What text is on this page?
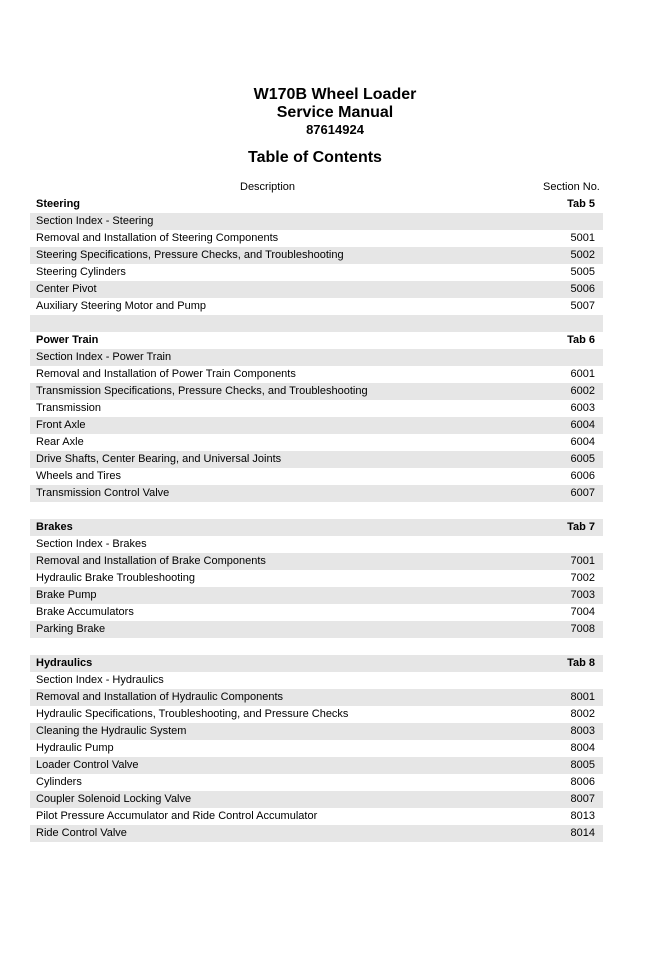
W170B Wheel Loader
Service Manual
87614924
Table of Contents
Description	Section No.
Steering	Tab 5
Section Index - Steering
Removal and Installation of Steering Components	5001
Steering Specifications, Pressure Checks, and Troubleshooting	5002
Steering Cylinders	5005
Center Pivot	5006
Auxiliary Steering Motor and Pump	5007
Power Train	Tab 6
Section Index - Power Train
Removal and Installation of Power Train Components	6001
Transmission Specifications, Pressure Checks, and Troubleshooting	6002
Transmission	6003
Front Axle	6004
Rear Axle	6004
Drive Shafts, Center Bearing, and Universal Joints	6005
Wheels and Tires	6006
Transmission Control Valve	6007
Brakes	Tab 7
Section Index - Brakes
Removal and Installation of Brake Components	7001
Hydraulic Brake Troubleshooting	7002
Brake Pump	7003
Brake Accumulators	7004
Parking Brake	7008
Hydraulics	Tab 8
Section Index - Hydraulics
Removal and Installation of Hydraulic Components	8001
Hydraulic Specifications, Troubleshooting, and Pressure Checks	8002
Cleaning the Hydraulic System	8003
Hydraulic Pump	8004
Loader Control Valve	8005
Cylinders	8006
Coupler Solenoid Locking Valve	8007
Pilot Pressure Accumulator and Ride Control Accumulator	8013
Ride Control Valve	8014
